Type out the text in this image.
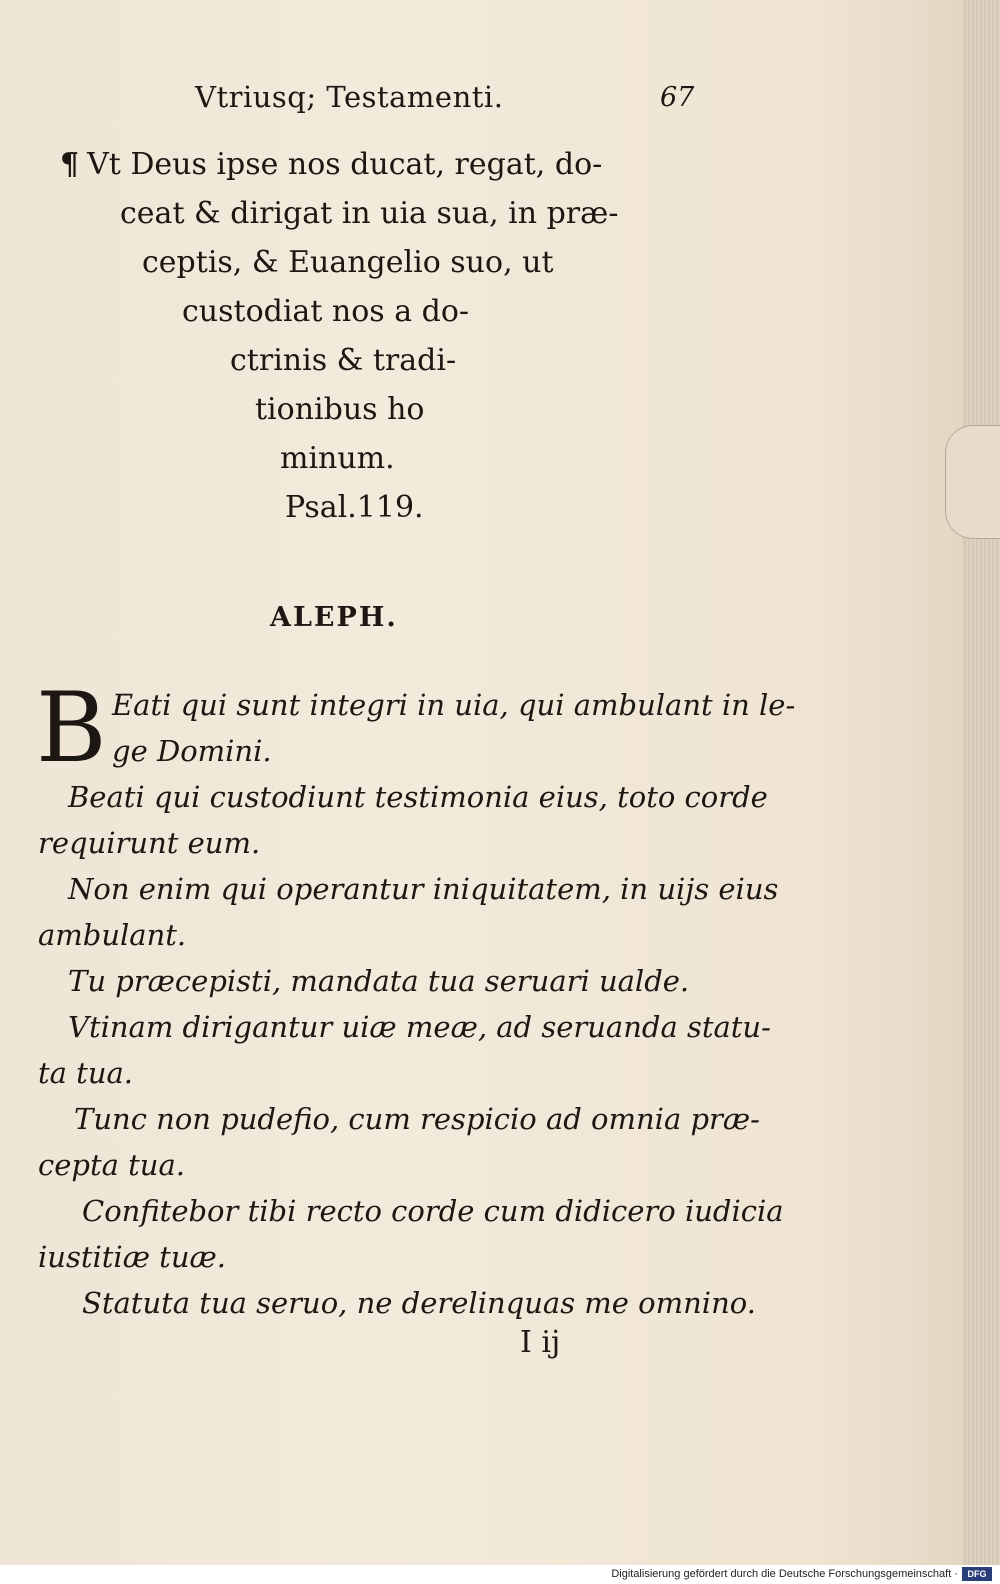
Vtriusq; Testamenti.	67
¶ Vt Deus ipse nos ducat, regat, do-
ceat & dirigat in uia sua, in præ-
ceptis, & Euangelio suo, ut
custodiat nos a do-
ctrinis & tradi-
tionibus ho
minum.
Psal.119.
ALEPH.
B Eati qui sunt integri in uia, qui ambulant in le-
ge Domini.
Beati qui custodiunt testimonia eius, toto corde
requirunt eum.
Non enim qui operantur iniquitatem, in uijs eius
ambulant.
Tu præcepisti, mandata tua seruari ualde.
Vtinam dirigantur uiæ meæ, ad seruanda statu-
ta tua.
Tunc non pudefio, cum respicio ad omnia præ-
cepta tua.
Confitebor tibi recto corde cum didicero iudicia
iustitiæ tuæ.
Statuta tua seruo, ne derelinquas me omnino.
I ij
Digitalisierung gefördert durch die Deutsche Forschungsgemeinschaft ·	DFG
